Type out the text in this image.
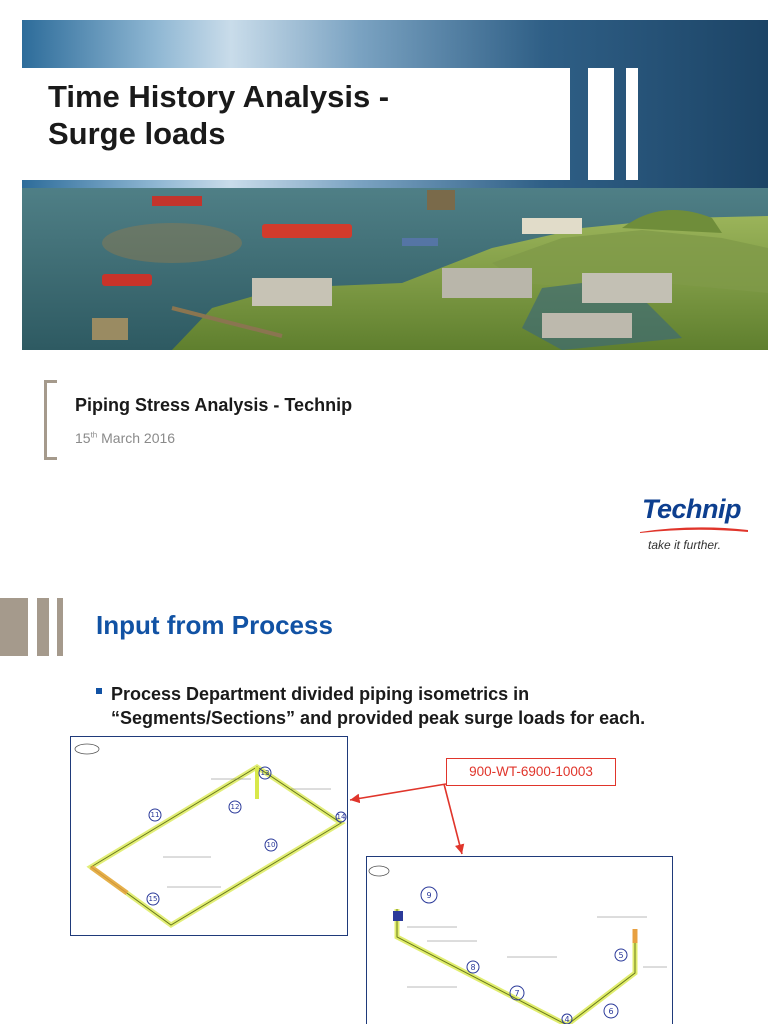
Time History Analysis -
Surge loads

Piping Stress Analysis - Technip

15th March 2016

Technip
take it further.
Input from Process

Process Department divided piping isometrics in
“Segments/Sections” and provided peak surge loads for each.

11
12
13
10
14
15
900-WT-6900-10003
9
8
7
6
5
4
